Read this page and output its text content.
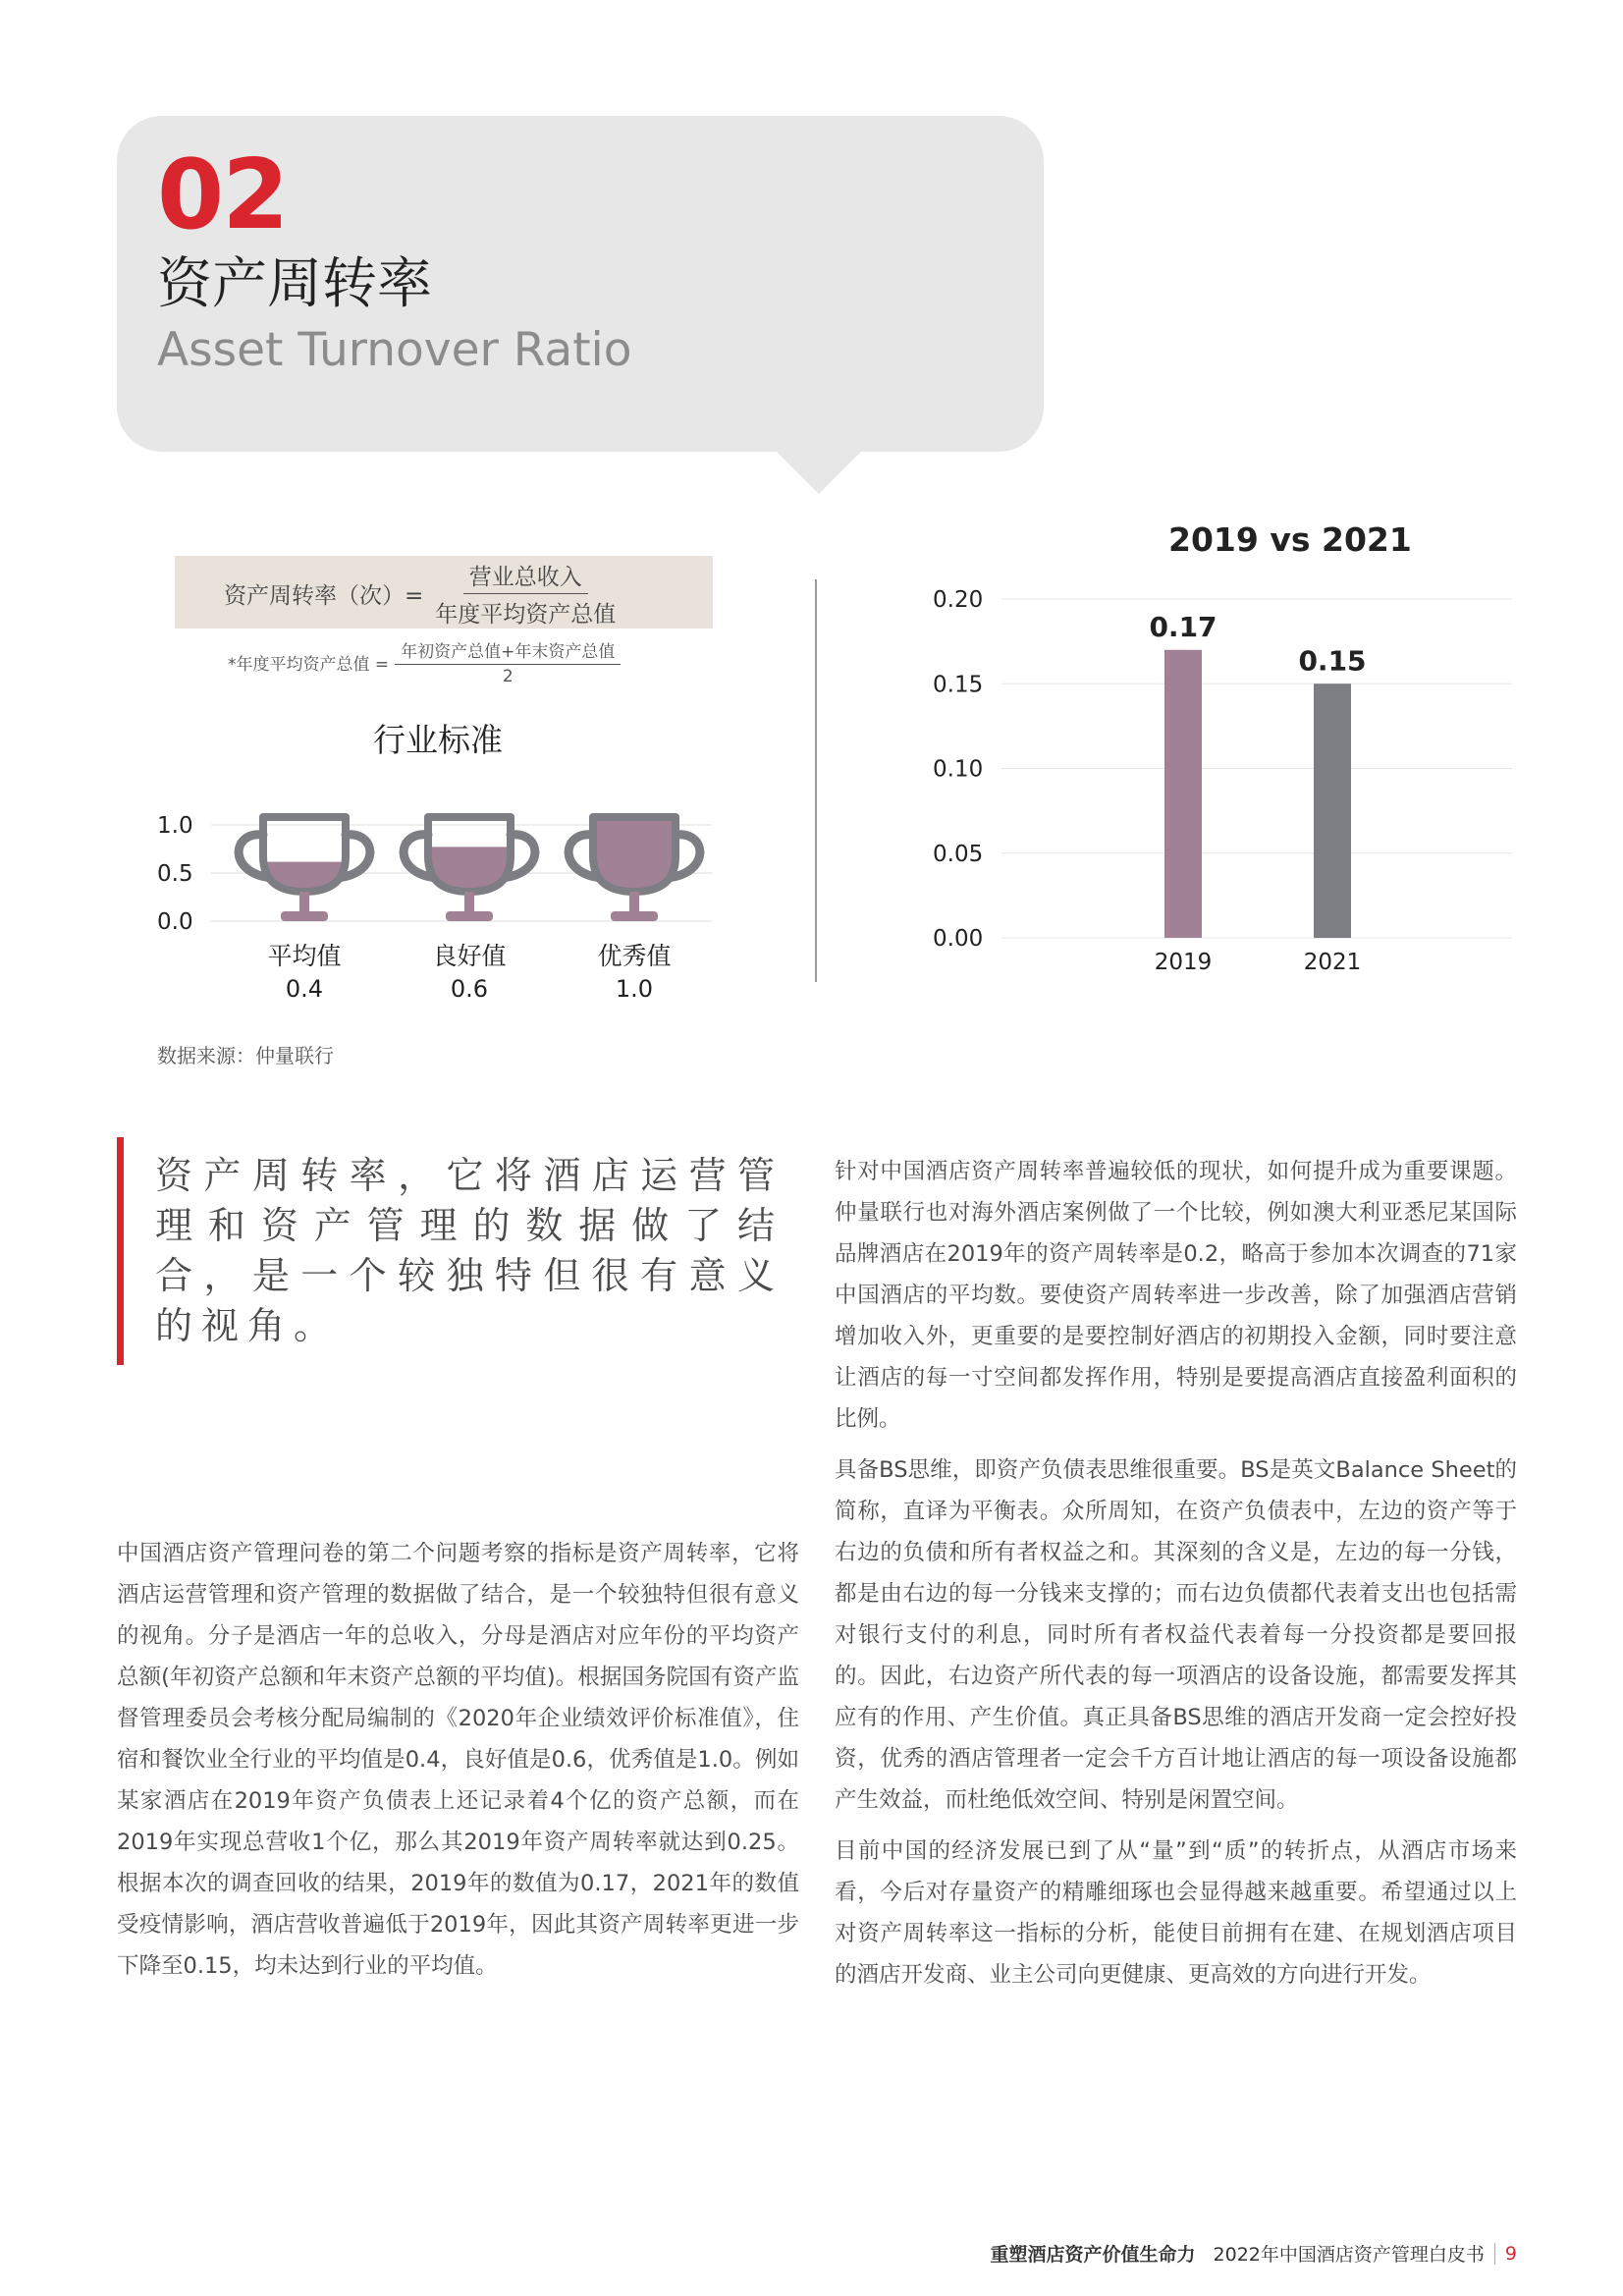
02
资产周转率
Asset Turnover Ratio
资产周转率（次）= $\frac{\text{营业总收入}}{\text{年度平均资产总值}}$
*年度平均资产总值 = $\frac{\text{年初资产总值+年末资产总值}}{2}$
行业标准
1.0
0.5
0.0
平均值
0.4
良好值
0.6
优秀值
1.0
2019 vs 2021
0.20
0.15
0.10
0.05
0.00
0.17
2019
0.15
2021
数据来源：仲量联行
资产周转率，它将酒店运营管理和资产管理的数据做了结合，是一个较独特但很有意义的视角。
中国酒店资产管理问卷的第二个问题考察的指标是资产周转率，它将酒店运营管理和资产管理的数据做了结合，是一个较独特但很有意义的视角。分子是酒店一年的总收入，分母是酒店对应年份的平均资产总额(年初资产总额和年末资产总额的平均值)。根据国务院国有资产监督管理委员会考核分配局编制的《2020年企业绩效评价标准值》，住宿和餐饮业全行业的平均值是0.4，良好值是0.6，优秀值是1.0。例如某家酒店在2019年资产负债表上还记录着4个亿的资产总额，而在2019年实现总营收1个亿，那么其2019年资产周转率就达到0.25。根据本次的调查回收的结果，2019年的数值为0.17，2021年的数值受疫情影响，酒店营收普遍低于2019年，因此其资产周转率更进一步下降至0.15，均未达到行业的平均值。

针对中国酒店资产周转率普遍较低的现状，如何提升成为重要课题。仲量联行也对海外酒店案例做了一个比较，例如澳大利亚悉尼某国际品牌酒店在2019年的资产周转率是0.2，略高于参加本次调查的71家中国酒店的平均数。要使资产周转率进一步改善，除了加强酒店营销增加收入外，更重要的是要控制好酒店的初期投入金额，同时要注意让酒店的每一寸空间都发挥作用，特别是要提高酒店直接盈利面积的比例。

具备BS思维，即资产负债表思维很重要。BS是英文Balance Sheet的简称，直译为平衡表。众所周知，在资产负债表中，左边的资产等于右边的负债和所有者权益之和。其深刻的含义是，左边的每一分钱，都是由右边的每一分钱来支撑的；而右边负债都代表着支出也包括需对银行支付的利息，同时所有者权益代表着每一分投资都是要回报的。因此，右边资产所代表的每一项酒店的设备设施，都需要发挥其应有的作用、产生价值。真正具备BS思维的酒店开发商一定会控好投资，优秀的酒店管理者一定会千方百计地让酒店的每一项设备设施都产生效益，而杜绝低效空间、特别是闲置空间。

目前中国的经济发展已到了从“量”到“质”的转折点，从酒店市场来看，今后对存量资产的精雕细琢也会显得越来越重要。希望通过以上对资产周转率这一指标的分析，能使目前拥有在建、在规划酒店项目的酒店开发商、业主公司向更健康、更高效的方向进行开发。

重塑酒店资产价值生命力 2022年中国酒店资产管理白皮书 9
